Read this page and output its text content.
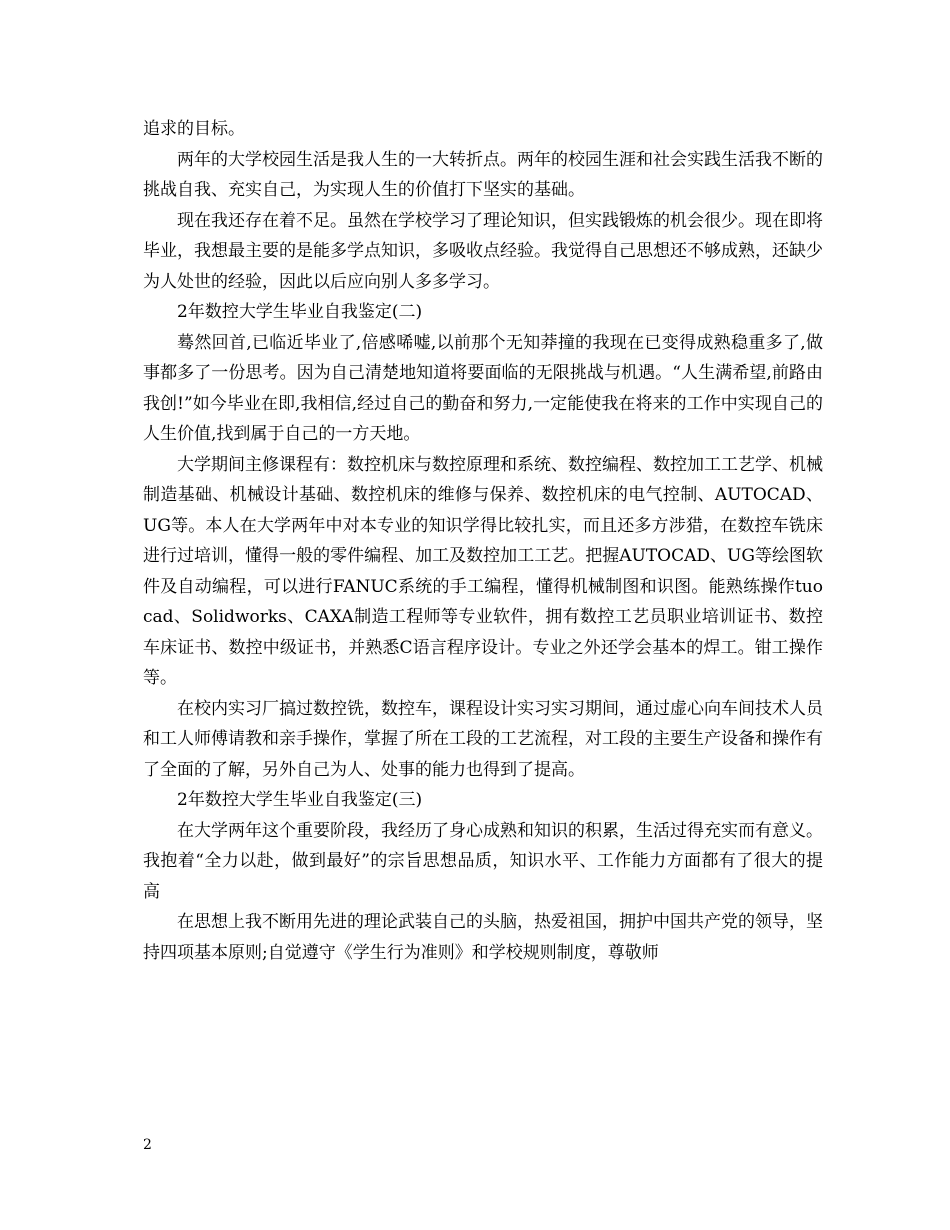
追求的目标。

两年的大学校园生活是我人生的一大转折点。两年的校园生涯和社会实践生活我不断的挑战自我、充实自己，为实现人生的价值打下坚实的基础。

现在我还存在着不足。虽然在学校学习了理论知识，但实践锻炼的机会很少。现在即将毕业，我想最主要的是能多学点知识，多吸收点经验。我觉得自己思想还不够成熟，还缺少为人处世的经验，因此以后应向别人多多学习。

2年数控大学生毕业自我鉴定(二)

蓦然回首,已临近毕业了,倍感唏嘘,以前那个无知莽撞的我现在已变得成熟稳重多了,做事都多了一份思考。因为自己清楚地知道将要面临的无限挑战与机遇。“人生满希望,前路由我创!”如今毕业在即,我相信,经过自己的勤奋和努力,一定能使我在将来的工作中实现自己的人生价值,找到属于自己的一方天地。

大学期间主修课程有：数控机床与数控原理和系统、数控编程、数控加工工艺学、机械制造基础、机械设计基础、数控机床的维修与保养、数控机床的电气控制、AUTOCAD、UG等。本人在大学两年中对本专业的知识学得比较扎实，而且还多方涉猎，在数控车铣床进行过培训，懂得一般的零件编程、加工及数控加工工艺。把握AUTOCAD、UG等绘图软件及自动编程，可以进行FANUC系统的手工编程，懂得机械制图和识图。能熟练操作tuocad、Solidworks、CAXA制造工程师等专业软件，拥有数控工艺员职业培训证书、数控车床证书、数控中级证书，并熟悉C语言程序设计。专业之外还学会基本的焊工。钳工操作等。

在校内实习厂搞过数控铣，数控车，课程设计实习实习期间，通过虚心向车间技术人员和工人师傅请教和亲手操作，掌握了所在工段的工艺流程，对工段的主要生产设备和操作有了全面的了解，另外自己为人、处事的能力也得到了提高。

2年数控大学生毕业自我鉴定(三)

在大学两年这个重要阶段，我经历了身心成熟和知识的积累，生活过得充实而有意义。我抱着“全力以赴，做到最好”的宗旨思想品质，知识水平、工作能力方面都有了很大的提高

在思想上我不断用先进的理论武装自己的头脑，热爱祖国，拥护中国共产党的领导，坚持四项基本原则;自觉遵守《学生行为准则》和学校规则制度，尊敬师

2
